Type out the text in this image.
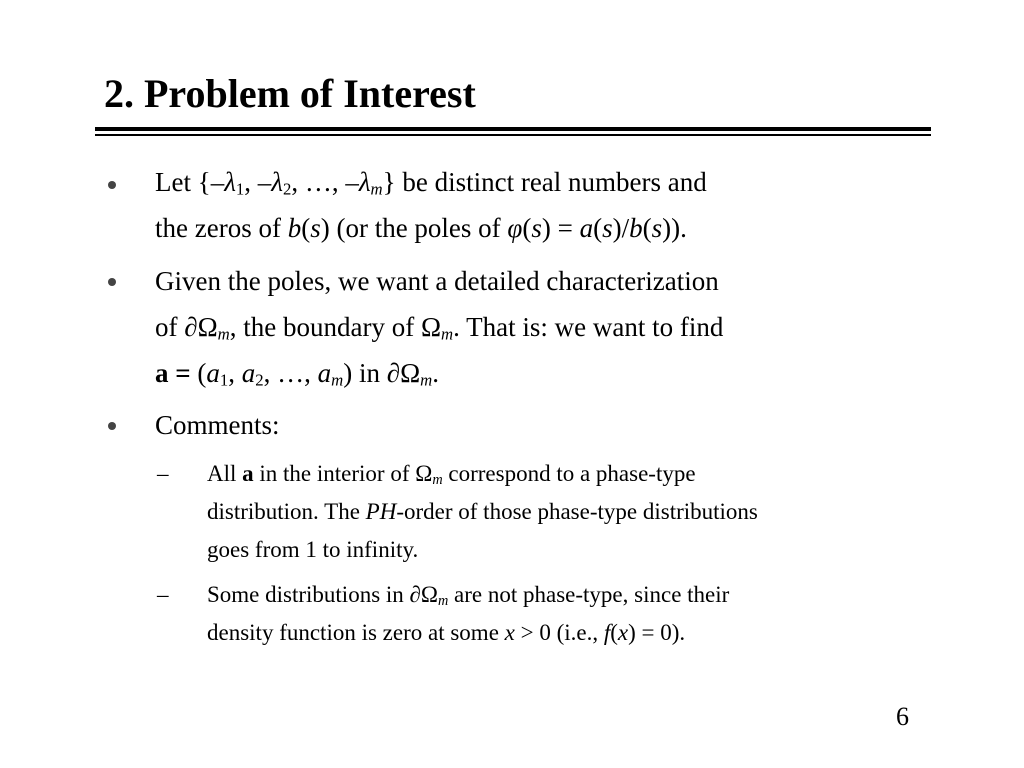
2. Problem of Interest
Let {$-\lambda_1$, $-\lambda_2$, …, $-\lambda_m$} be distinct real numbers and
the zeros of b(s) (or the poles of φ(s) = a(s)/b(s)).
Given the poles, we want a detailed characterization
of $\partial\Omega_m$, the boundary of $\Omega_m$. That is: we want to find
$a = (a_1$, $a_2$, …, $a_m$) in $\partial\Omega_m$.
Comments:
– All a in the interior of $\Omega_m$ correspond to a phase-type
distribution. The PH-order of those phase-type distributions
goes from 1 to infinity.
– Some distributions in $\partial\Omega_m$ are not phase-type, since their
density function is zero at some x > 0 (i.e., f(x) = 0).
6
